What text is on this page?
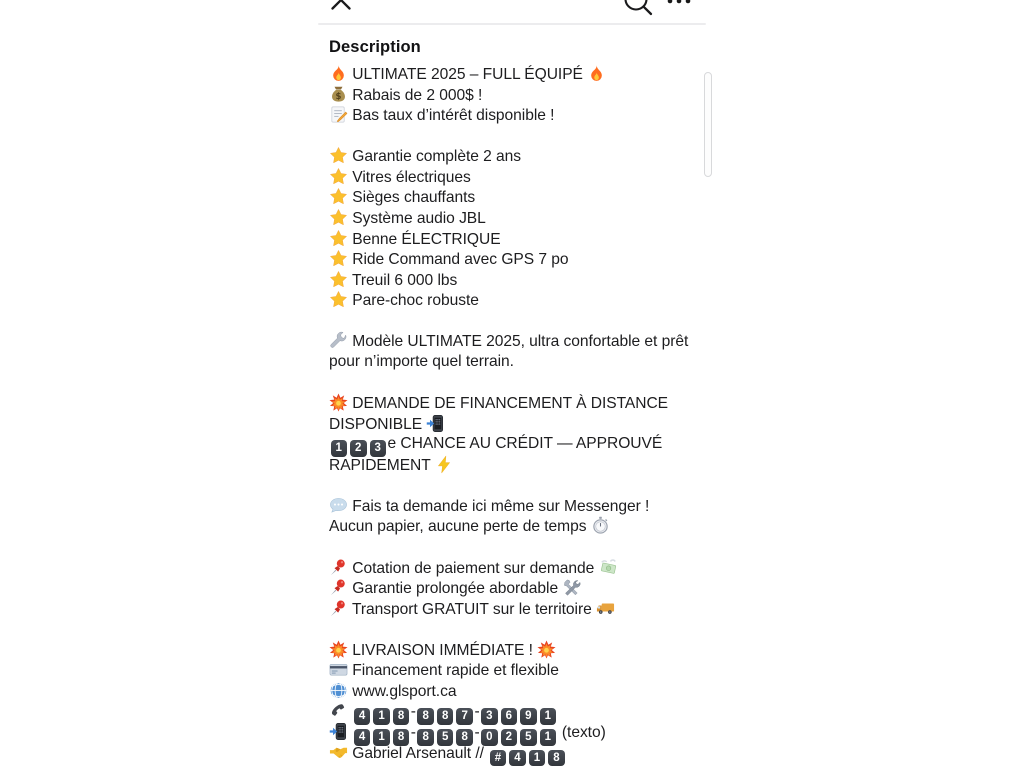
Description
ULTIMATE 2025 – FULL ÉQUIPÉ
$ Rabais de 2 000$ !
Bas taux d’intérêt disponible !
Garantie complète 2 ans
Vitres électriques
Sièges chauffants
Système audio JBL
Benne ÉLECTRIQUE
Ride Command avec GPS 7 po
Treuil 6 000 lbs
Pare-choc robuste
Modèle ULTIMATE 2025, ultra confortable et prêt
pour n’importe quel terrain.
DEMANDE DE FINANCEMENT À DISTANCE
DISPONIBLE
1 2 3 e CHANCE AU CRÉDIT — APPROUVÉ
RAPIDEMENT
Fais ta demande ici même sur Messenger !
Aucun papier, aucune perte de temps
Cotation de paiement sur demande
Garantie prolongée abordable
Transport GRATUIT sur le territoire
LIVRAISON IMMÉDIATE !
Financement rapide et flexible
www.glsport.ca
4 1 8 - 8 8 7 - 3 6 9 1
4 1 8 - 8 5 8 - 0 2 5 1 (texto)
Gabriel Arsenault // # 4 1 8
